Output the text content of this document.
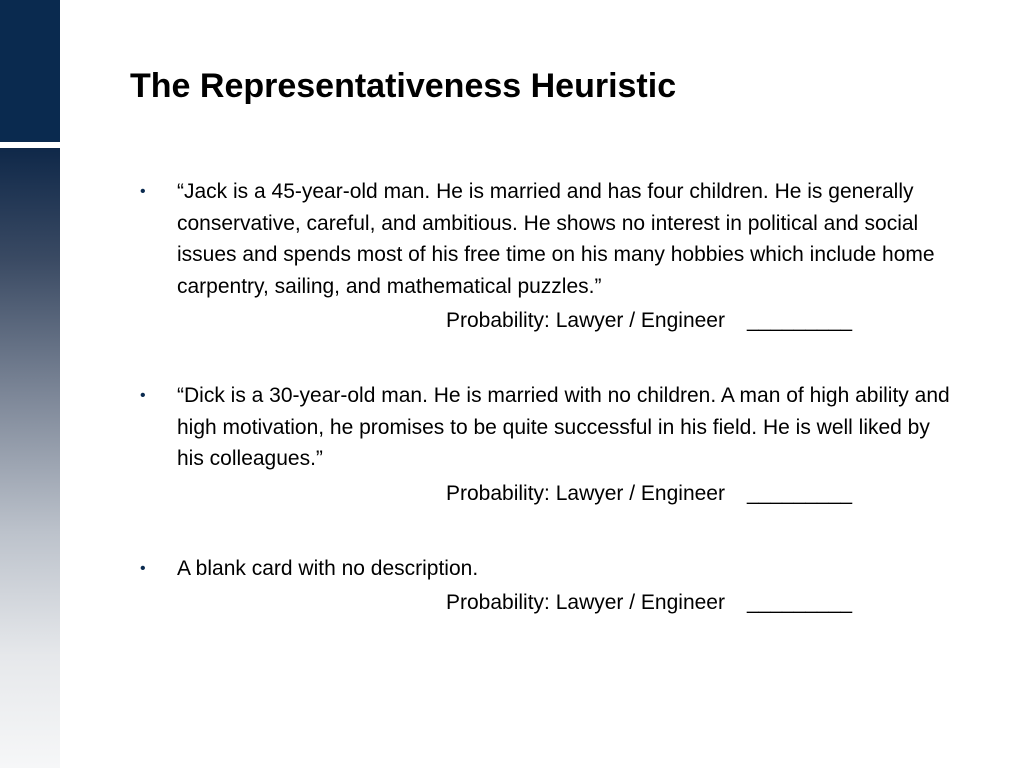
The Representativeness Heuristic
• “Jack is a 45-year-old man. He is married and has four children. He is generally conservative, careful, and ambitious. He shows no interest in political and social issues and spends most of his free time on his many hobbies which include home carpentry, sailing, and mathematical puzzles.”
Probability: Lawyer / Engineer _________
• “Dick is a 30-year-old man. He is married with no children. A man of high ability and high motivation, he promises to be quite successful in his field. He is well liked by his colleagues.”
Probability: Lawyer / Engineer _________
• A blank card with no description.
Probability: Lawyer / Engineer _________
